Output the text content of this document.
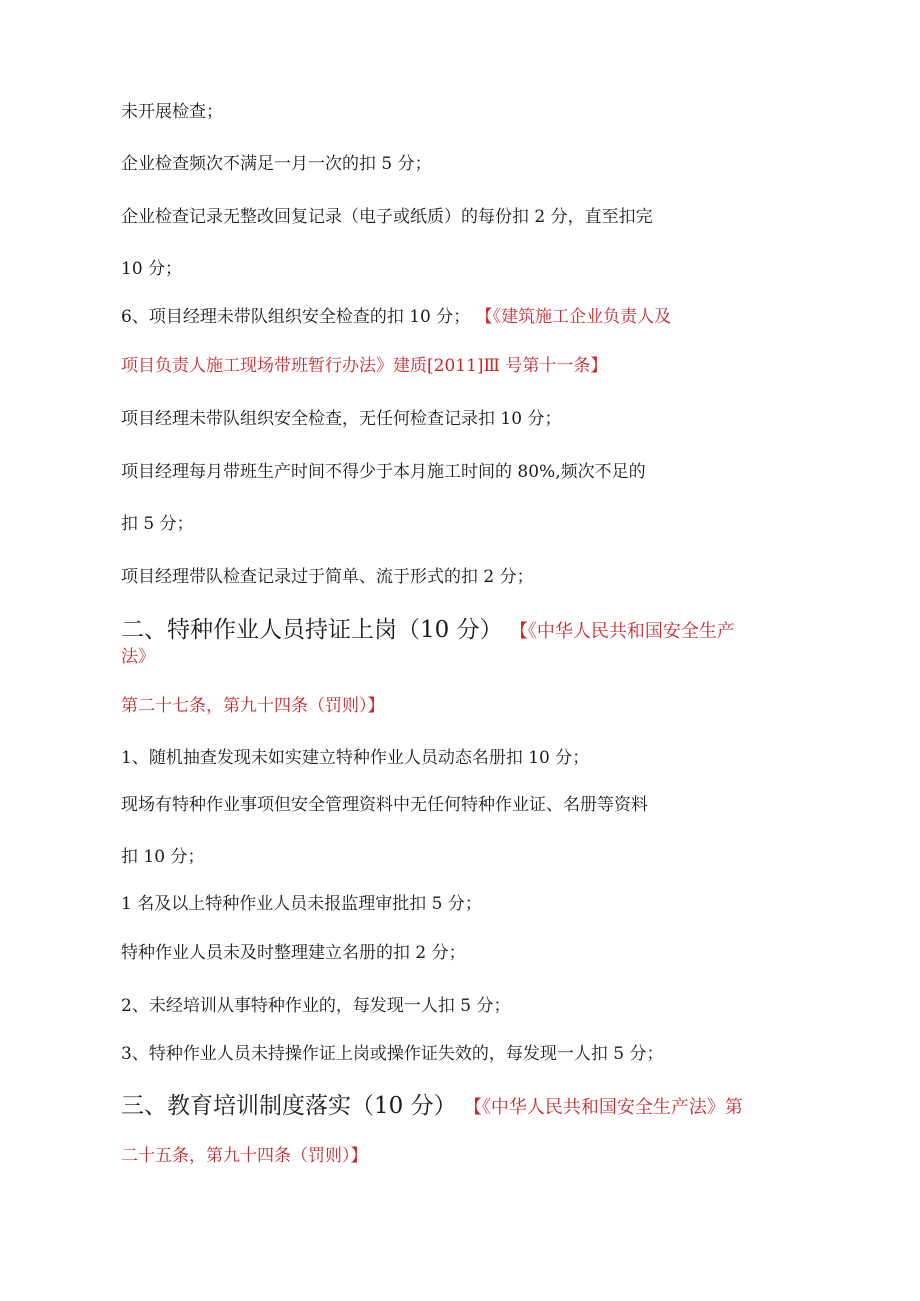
未开展检查；
企业检查频次不满足一月一次的扣 5 分；
企业检查记录无整改回复记录（电子或纸质）的每份扣 2 分，直至扣完
10 分；
6、项目经理未带队组织安全检查的扣 10 分； 【《建筑施工企业负责人及
项目负责人施工现场带班暂行办法》建质[2011]Ⅲ 号第十一条】
项目经理未带队组织安全检查，无任何检查记录扣 10 分；
项目经理每月带班生产时间不得少于本月施工时间的 80%,频次不足的
扣 5 分；
项目经理带队检查记录过于简单、流于形式的扣 2 分；
二、特种作业人员持证上岗（10 分） 【《中华人民共和国安全生产
法》
第二十七条，第九十四条（罚则）】
1、随机抽查发现未如实建立特种作业人员动态名册扣 10 分；
现场有特种作业事项但安全管理资料中无任何特种作业证、名册等资料
扣 10 分；
1 名及以上特种作业人员未报监理审批扣 5 分；
特种作业人员未及时整理建立名册的扣 2 分；
2、未经培训从事特种作业的，每发现一人扣 5 分；
3、特种作业人员未持操作证上岗或操作证失效的，每发现一人扣 5 分；
三、教育培训制度落实（10 分） 【《中华人民共和国安全生产法》第
二十五条，第九十四条（罚则）】
